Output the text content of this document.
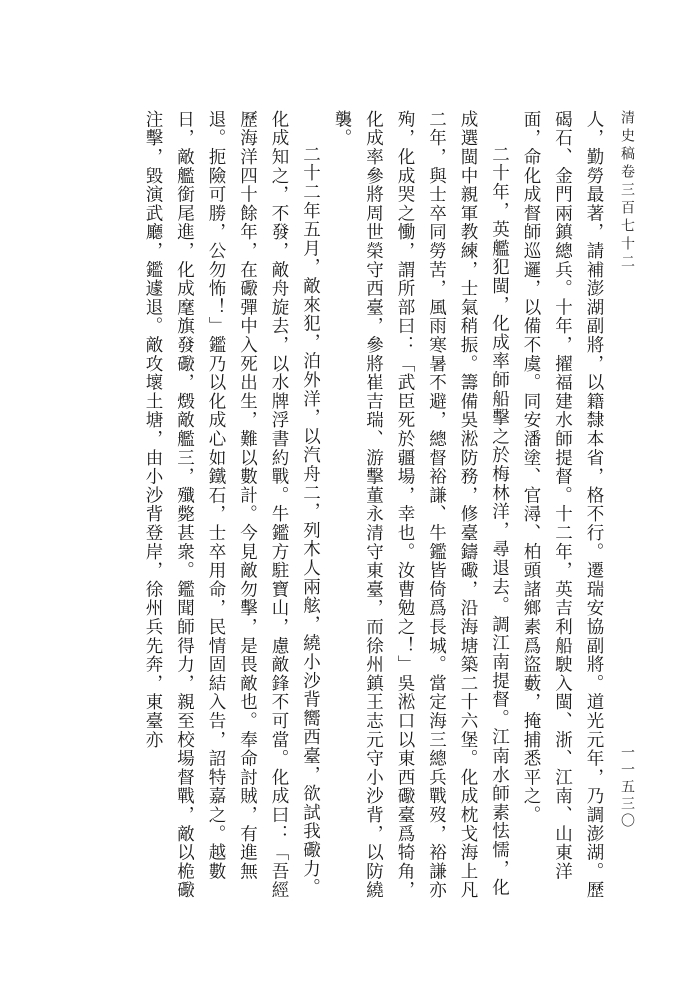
清史稿卷三百七十二
一一五三〇

人，勤勞最著，請補澎湖副將，以籍隸本省，格不行。遷瑞安協副將。道光元年，乃調澎湖。歷碣石、金門兩鎮總兵。十年，擢福建水師提督。十二年，英吉利船駛入閩、浙、江南、山東洋面，命化成督師巡邏，以備不虞。同安潘塗、官潯、柏頭諸鄉素爲盜藪，掩捕悉平之。

二十年，英艦犯閩，化成率師船擊之於梅林洋，尋退去。調江南提督。江南水師素怯懦，化成選閩中親軍教練，士氣稍振。籌備吳淞防務，修臺鑄礮，沿海塘築二十六堡。化成枕戈海上凡二年，與士卒同勞苦，風雨寒暑不避，總督裕謙、牛鑑皆倚爲長城。當定海三總兵戰歿，裕謙亦殉，化成哭之慟，謂所部曰：「武臣死於疆場，幸也。汝曹勉之！」吳淞口以東西礮臺爲犄角，化成率參將周世榮守西臺，參將崔吉瑞、游擊董永清守東臺，而徐州鎮王志元守小沙背，以防繞襲。

二十二年五月，敵來犯，泊外洋，以汽舟二，列木人兩舷，繞小沙背嚮西臺，欲試我礮力。化成知之，不發，敵舟旋去，以水牌浮書約戰。牛鑑方駐寶山，慮敵鋒不可當。化成曰：「吾經歷海洋四十餘年，在礮彈中入死出生，難以數計。今見敵勿擊，是畏敵也。奉命討賊，有進無退。扼險可勝，公勿怖！」鑑乃以化成心如鐵石，士卒用命，民情固結入告，詔特嘉之。越數日，敵艦銜尾進，化成麾旗發礮，燬敵艦三，殲斃甚衆。鑑聞師得力，親至校場督戰，敵以桅礮注擊，毀演武廳，鑑遽退。敵攻壞土塘，由小沙背登岸，徐州兵先奔，東臺亦
